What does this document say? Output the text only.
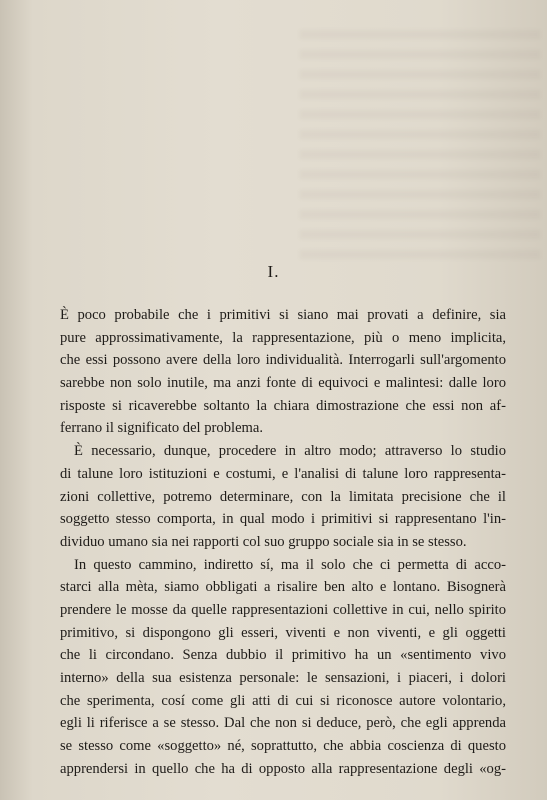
I.
È poco probabile che i primitivi si siano mai provati a definire, sia
pure approssimativamente, la rappresentazione, più o meno implicita,
che essi possono avere della loro individualità. Interrogarli sull'argomento
sarebbe non solo inutile, ma anzi fonte di equivoci e malintesi: dalle loro
risposte si ricaverebbe soltanto la chiara dimostrazione che essi non af-
ferrano il significato del problema.
È necessario, dunque, procedere in altro modo; attraverso lo studio
di talune loro istituzioni e costumi, e l'analisi di talune loro rappresenta-
zioni collettive, potremo determinare, con la limitata precisione che il
soggetto stesso comporta, in qual modo i primitivi si rappresentano l'in-
dividuo umano sia nei rapporti col suo gruppo sociale sia in se stesso.
In questo cammino, indiretto sí, ma il solo che ci permetta di acco-
starci alla mèta, siamo obbligati a risalire ben alto e lontano. Bisognerà
prendere le mosse da quelle rappresentazioni collettive in cui, nello spirito
primitivo, si dispongono gli esseri, viventi e non viventi, e gli oggetti
che li circondano. Senza dubbio il primitivo ha un «sentimento vivo
interno» della sua esistenza personale: le sensazioni, i piaceri, i dolori
che sperimenta, cosí come gli atti di cui si riconosce autore volontario,
egli li riferisce a se stesso. Dal che non si deduce, però, che egli apprenda
se stesso come «soggetto» né, soprattutto, che abbia coscienza di questo
apprendersi in quello che ha di opposto alla rappresentazione degli «og-
